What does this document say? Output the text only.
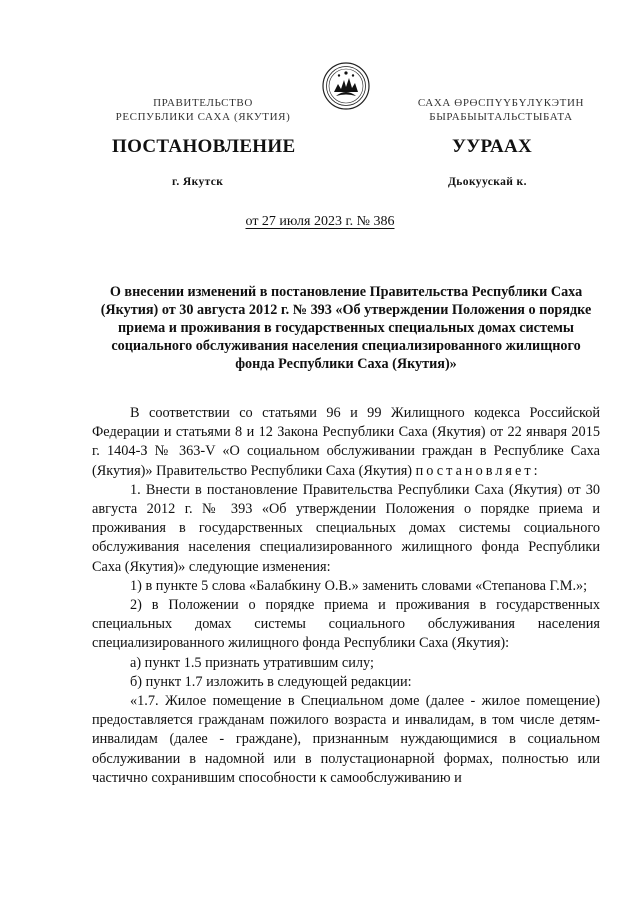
ПРАВИТЕЛЬСТВО
РЕСПУБЛИКИ САХА (ЯКУТИЯ)
САХА ӨРӨСПҮҮБҮЛҮКЭТИН
БЫРАБЫЫТАЛЬСТЫБАТА
ПОСТАНОВЛЕНИЕ	УУРААХ
г. Якутск	Дьокуускай к.
от 27 июля 2023 г. № 386

О внесении изменений в постановление Правительства Республики Саха (Якутия) от 30 августа 2012 г. № 393 «Об утверждении Положения о порядке приема и проживания в государственных специальных домах системы социального обслуживания населения специализированного жилищного фонда Республики Саха (Якутия)»

В соответствии со статьями 96 и 99 Жилищного кодекса Российской Федерации и статьями 8 и 12 Закона Республики Саха (Якутия) от 22 января 2015 г. 1404-З № 363-V «О социальном обслуживании граждан в Республике Саха (Якутия)» Правительство Республики Саха (Якутия) постановляет:

1. Внести в постановление Правительства Республики Саха (Якутия) от 30 августа 2012 г. № 393 «Об утверждении Положения о порядке приема и проживания в государственных специальных домах системы социального обслуживания населения специализированного жилищного фонда Республики Саха (Якутия)» следующие изменения:

1) в пункте 5 слова «Балабкину О.В.» заменить словами «Степанова Г.М.»;

2) в Положении о порядке приема и проживания в государственных специальных домах системы социального обслуживания населения специализированного жилищного фонда Республики Саха (Якутия):

а) пункт 1.5 признать утратившим силу;

б) пункт 1.7 изложить в следующей редакции:

«1.7. Жилое помещение в Специальном доме (далее - жилое помещение) предоставляется гражданам пожилого возраста и инвалидам, в том числе детям-инвалидам (далее - граждане), признанным нуждающимися в социальном обслуживании в надомной или в полустационарной формах, полностью или частично сохранившим способности к самообслуживанию и
